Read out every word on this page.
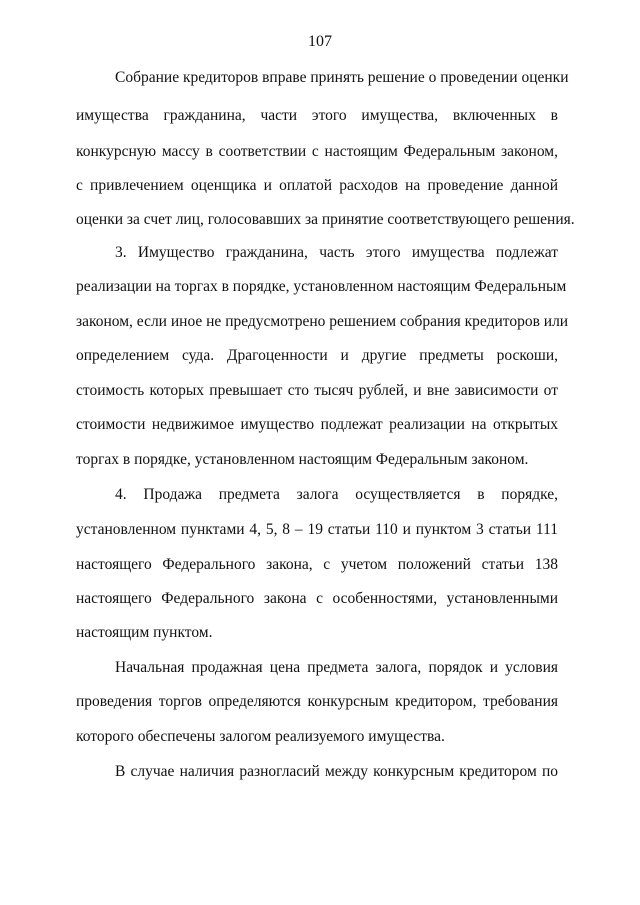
107
Собрание кредиторов вправе принять решение о проведении оценки
имущества гражданина, части этого имущества, включенных в
конкурсную массу в соответствии с настоящим Федеральным законом,
с привлечением оценщика и оплатой расходов на проведение данной
оценки за счет лиц, голосовавших за принятие соответствующего решения.
3. Имущество гражданина, часть этого имущества подлежат
реализации на торгах в порядке, установленном настоящим Федеральным
законом, если иное не предусмотрено решением собрания кредиторов или
определением суда. Драгоценности и другие предметы роскоши,
стоимость которых превышает сто тысяч рублей, и вне зависимости от
стоимости недвижимое имущество подлежат реализации на открытых
торгах в порядке, установленном настоящим Федеральным законом.
4. Продажа предмета залога осуществляется в порядке,
установленном пунктами 4, 5, 8 – 19 статьи 110 и пунктом 3 статьи 111
настоящего Федерального закона, с учетом положений статьи 138
настоящего Федерального закона с особенностями, установленными
настоящим пунктом.
Начальная продажная цена предмета залога, порядок и условия
проведения торгов определяются конкурсным кредитором, требования
которого обеспечены залогом реализуемого имущества.
В случае наличия разногласий между конкурсным кредитором по
